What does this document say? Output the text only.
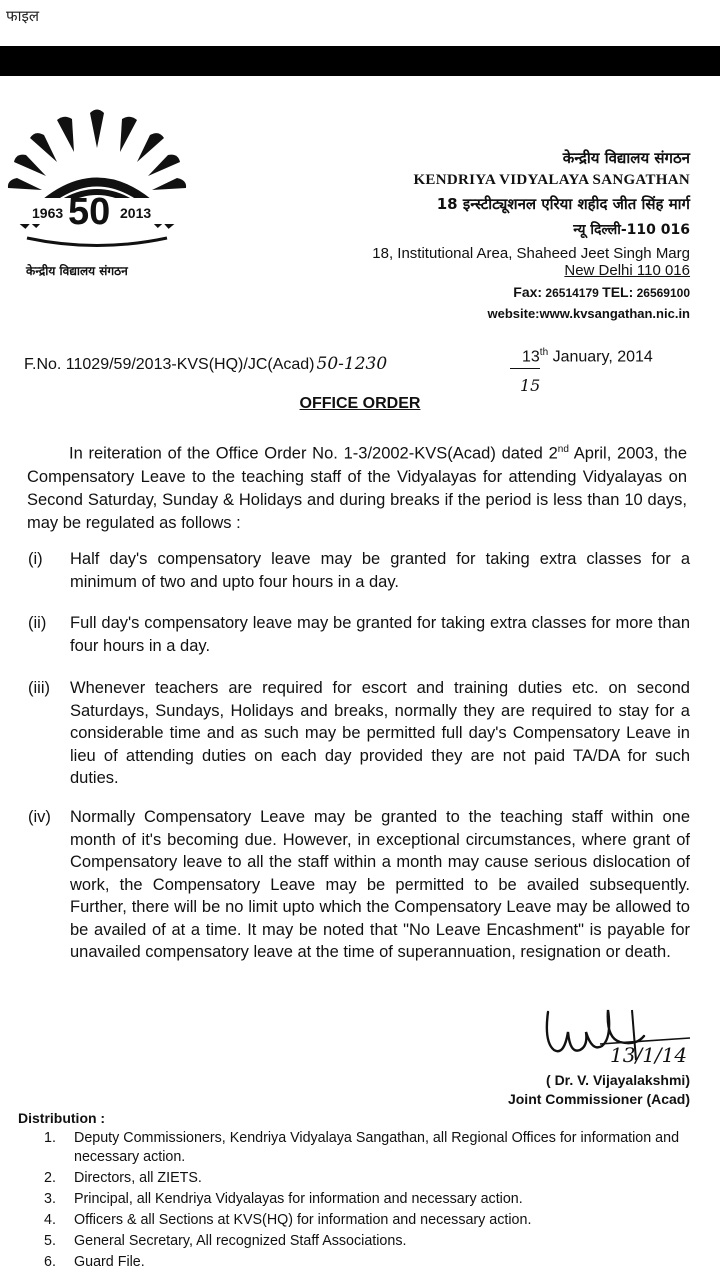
फाइल
1963	2013
50
केन्द्रीय विद्यालय संगठन
केन्द्रीय विद्यालय संगठन
KENDRIYA VIDYALAYA SANGATHAN
18 इन्स्टीट्यूशनल एरिया शहीद जीत सिंह मार्ग
न्यू दिल्ली-110 016
18, Institutional Area, Shaheed Jeet Singh Marg
New Delhi 110 016
Fax: 26514179 TEL: 26569100
website:www.kvsangathan.nic.in
F.No. 11029/59/2013-KVS(HQ)/JC(Acad) 50-1230	13th January, 2014
15
OFFICE ORDER
In reiteration of the Office Order No. 1-3/2002-KVS(Acad) dated 2nd April, 2003, the Compensatory Leave to the teaching staff of the Vidyalayas for attending Vidyalayas on Second Saturday, Sunday & Holidays and during breaks if the period is less than 10 days, may be regulated as follows :
(i)	Half day's compensatory leave may be granted for taking extra classes for a minimum of two and upto four hours in a day.
(ii)	Full day's compensatory leave may be granted for taking extra classes for more than four hours in a day.
(iii)	Whenever teachers are required for escort and training duties etc. on second Saturdays, Sundays, Holidays and breaks, normally they are required to stay for a considerable time and as such may be permitted full day's Compensatory Leave in lieu of attending duties on each day provided they are not paid TA/DA for such duties.
(iv)	Normally Compensatory Leave may be granted to the teaching staff within one month of it's becoming due. However, in exceptional circumstances, where grant of Compensatory leave to all the staff within a month may cause serious dislocation of work, the Compensatory Leave may be permitted to be availed subsequently. Further, there will be no limit upto which the Compensatory Leave may be allowed to be availed of at a time. It may be noted that "No Leave Encashment" is payable for unavailed compensatory leave at the time of superannuation, resignation or death.
13/1/14
( Dr. V. Vijayalakshmi)
Joint Commissioner (Acad)
Distribution :
1. Deputy Commissioners, Kendriya Vidyalaya Sangathan, all Regional Offices for information and necessary action.
2. Directors, all ZIETS.
3. Principal, all Kendriya Vidyalayas for information and necessary action.
4. Officers & all Sections at KVS(HQ) for information and necessary action.
5. General Secretary, All recognized Staff Associations.
6. Guard File.
